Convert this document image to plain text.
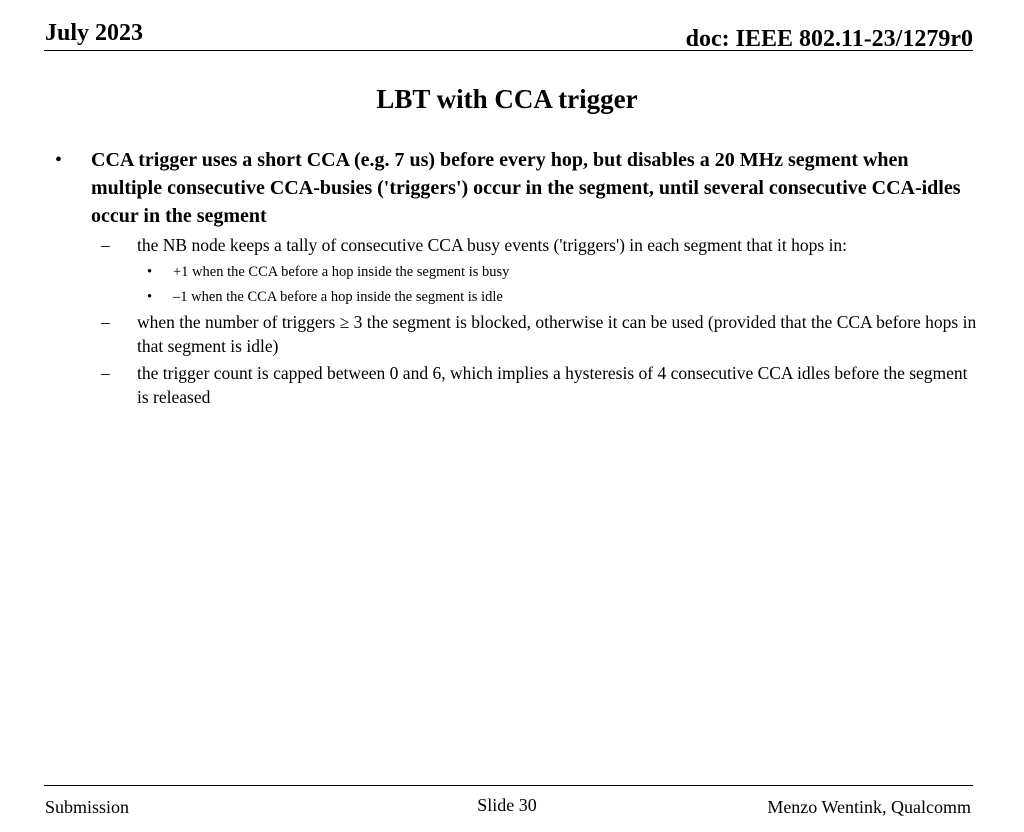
July 2023	doc: IEEE 802.11-23/1279r0
LBT with CCA trigger
• CCA trigger uses a short CCA (e.g. 7 us) before every hop, but disables a 20 MHz segment when multiple consecutive CCA-busies ('triggers') occur in the segment, until several consecutive CCA-idles occur in the segment
– the NB node keeps a tally of consecutive CCA busy events ('triggers') in each segment that it hops in:
• +1 when the CCA before a hop inside the segment is busy
• –1 when the CCA before a hop inside the segment is idle
– when the number of triggers ≥ 3 the segment is blocked, otherwise it can be used (provided that the CCA before hops in that segment is idle)
– the trigger count is capped between 0 and 6, which implies a hysteresis of 4 consecutive CCA idles before the segment is released
Submission	Slide 30	Menzo Wentink, Qualcomm
